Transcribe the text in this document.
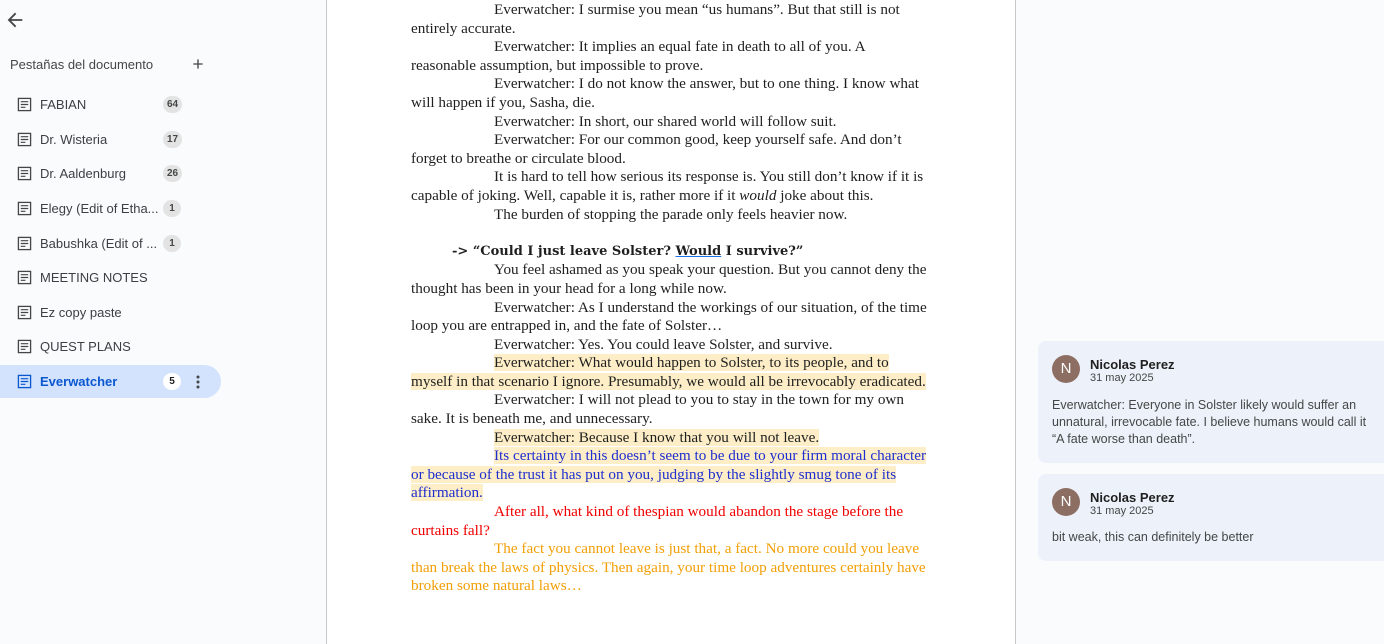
Pestañas del documento
FABIAN	64
Dr. Wisteria	17
Dr. Aaldenburg	26
Elegy (Edit of Etha...	1
Babushka (Edit of ...	1
MEETING NOTES
Ez copy paste
QUEST PLANS
Everwatcher	5

Everwatcher: I surmise you mean “us humans”. But that still is not entirely accurate.

Everwatcher: It implies an equal fate in death to all of you. A reasonable assumption, but impossible to prove.

Everwatcher: I do not know the answer, but to one thing. I know what will happen if you, Sasha, die.

Everwatcher: In short, our shared world will follow suit.

Everwatcher: For our common good, keep yourself safe. And don’t forget to breathe or circulate blood.

It is hard to tell how serious its response is. You still don’t know if it is capable of joking. Well, capable it is, rather more if it would joke about this.

The burden of stopping the parade only feels heavier now.

-> “Could I just leave Solster? Would I survive?”

You feel ashamed as you speak your question. But you cannot deny the thought has been in your head for a long while now.

Everwatcher: As I understand the workings of our situation, of the time loop you are entrapped in, and the fate of Solster…

Everwatcher: Yes. You could leave Solster, and survive.

Everwatcher: What would happen to Solster, to its people, and to myself in that scenario I ignore. Presumably, we would all be irrevocably eradicated.

Everwatcher: I will not plead to you to stay in the town for my own sake. It is beneath me, and unnecessary.

Everwatcher: Because I know that you will not leave.

Its certainty in this doesn’t seem to be due to your firm moral character or because of the trust it has put on you, judging by the slightly smug tone of its affirmation.

After all, what kind of thespian would abandon the stage before the curtains fall?

The fact you cannot leave is just that, a fact. No more could you leave than break the laws of physics. Then again, your time loop adventures certainly have broken some natural laws…

N	Nicolas Perez
31 may 2025
Everwatcher: Everyone in Solster likely would suffer an unnatural, irrevocable fate. I believe humans would call it “A fate worse than death”.
N	Nicolas Perez
31 may 2025
bit weak, this can definitely be better
